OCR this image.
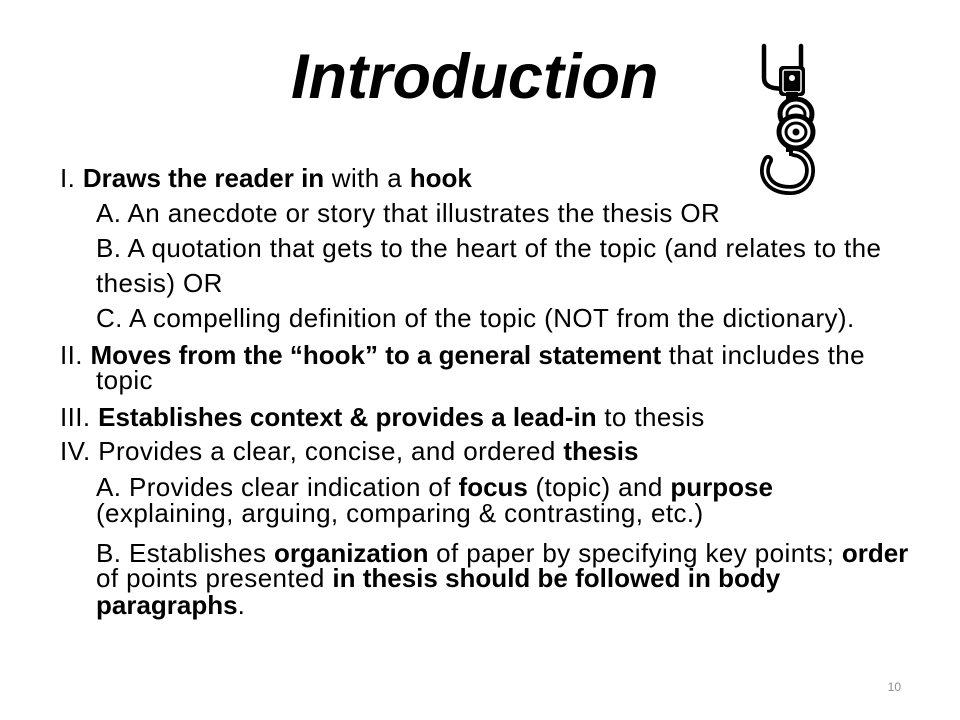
Introduction
I. Draws the reader in with a hook
A. An anecdote or story that illustrates the thesis OR
B. A quotation that gets to the heart of the topic (and relates to the
thesis) OR
C. A compelling definition of the topic (NOT from the dictionary).
II. Moves from the “hook” to a general statement that includes the
topic
III. Establishes context & provides a lead-in to thesis
IV. Provides a clear, concise, and ordered thesis
A. Provides clear indication of focus (topic) and purpose
(explaining, arguing, comparing & contrasting, etc.)
B. Establishes organization of paper by specifying key points; order
of points presented in thesis should be followed in body
paragraphs.
10
